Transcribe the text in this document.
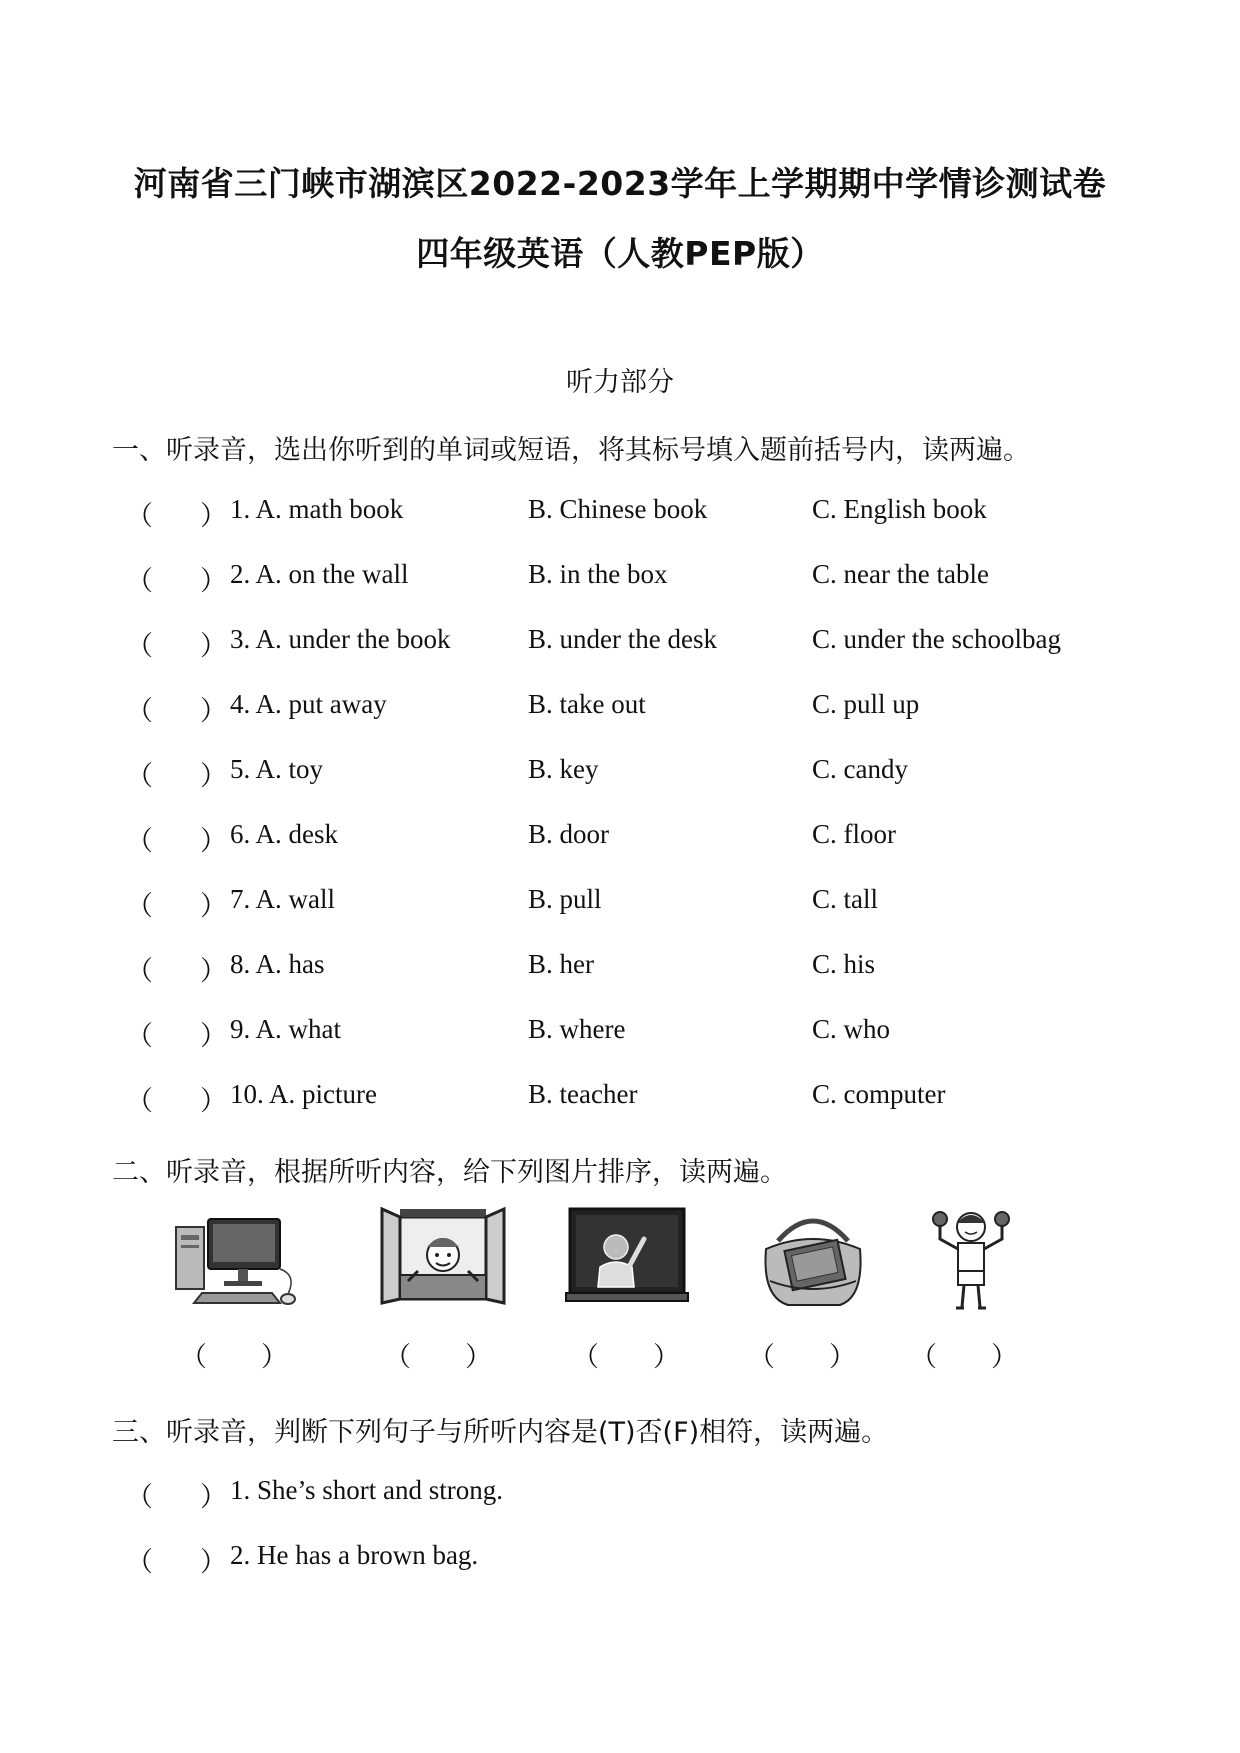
河南省三门峡市湖滨区2022-2023学年上学期期中学情诊测试卷
四年级英语（人教PEP版）
听力部分
一、听录音，选出你听到的单词或短语，将其标号填入题前括号内，读两遍。
（ ） 1. A. math book	B. Chinese book	C. English book
（ ） 2. A. on the wall	B. in the box	C. near the table
（ ） 3. A. under the book	B. under the desk	C. under the schoolbag
（ ） 4. A. put away	B. take out	C. pull up
（ ） 5. A. toy	B. key	C. candy
（ ） 6. A. desk	B. door	C. floor
（ ） 7. A. wall	B. pull	C. tall
（ ） 8. A. has	B. her	C. his
（ ） 9. A. what	B. where	C. who
（ ） 10. A. picture	B. teacher	C. computer
二、听录音，根据所听内容，给下列图片排序，读两遍。
（　　）	（　　）	（　　）	（　　） （　　）
三、听录音，判断下列句子与所听内容是(T)否(F)相符，读两遍。
（ ） 1. She’s short and strong.
（ ） 2. He has a brown bag.
